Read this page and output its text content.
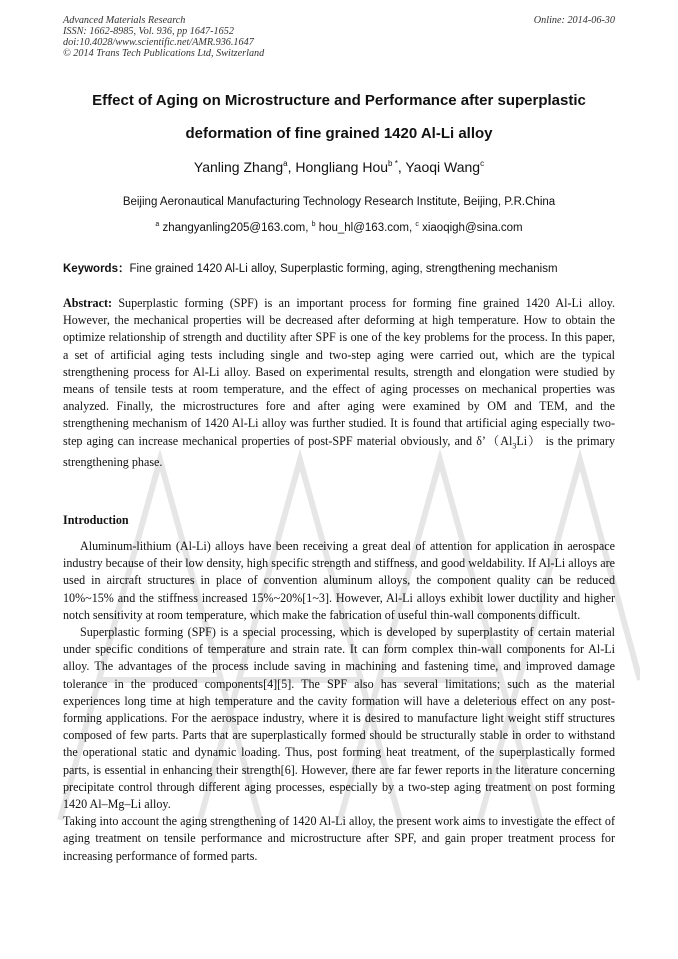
Advanced Materials Research
ISSN: 1662-8985, Vol. 936, pp 1647-1652
doi:10.4028/www.scientific.net/AMR.936.1647
© 2014 Trans Tech Publications Ltd, Switzerland
Online: 2014-06-30
Effect of Aging on Microstructure and Performance after superplastic
deformation of fine grained 1420 Al-Li alloy
Yanling Zhang$^a$, Hongliang Hou$^{b *}$, Yaoqi Wang$^c$
Beijing Aeronautical Manufacturing Technology Research Institute, Beijing, P.R.China
$^a$ zhangyanling205@163.com, $^b$ hou_hl@163.com, $^c$ xiaoqigh@sina.com
Keywords：Fine grained 1420 Al-Li alloy, Superplastic forming, aging, strengthening mechanism
Abstract: Superplastic forming (SPF) is an important process for forming fine grained 1420 Al-Li alloy. However, the mechanical properties will be decreased after deforming at high temperature. How to obtain the optimize relationship of strength and ductility after SPF is one of the key problems for the process. In this paper, a set of artificial aging tests including single and two-step aging were carried out, which are the typical strengthening process for Al-Li alloy. Based on experimental results, strength and elongation were studied by means of tensile tests at room temperature, and the effect of aging processes on mechanical properties was analyzed. Finally, the microstructures fore and after aging were examined by OM and TEM, and the strengthening mechanism of 1420 Al-Li alloy was further studied. It is found that artificial aging especially two-step aging can increase mechanical properties of post-SPF material obviously, and $\delta’(Al_3Li)$ is the primary strengthening phase.
Introduction

Aluminum-lithium (Al-Li) alloys have been receiving a great deal of attention for application in aerospace industry because of their low density, high specific strength and stiffness, and good weldability. If Al-Li alloys are used in aircraft structures in place of convention aluminum alloys, the component quality can be reduced 10%~15% and the stiffness increased 15%~20%[1~3]. However, Al-Li alloys exhibit lower ductility and higher notch sensitivity at room temperature, which make the fabrication of useful thin-wall components difficult.

Superplastic forming (SPF) is a special processing, which is developed by superplastity of certain material under specific conditions of temperature and strain rate. It can form complex thin-wall components for Al-Li alloy. The advantages of the process include saving in machining and fastening time, and improved damage tolerance in the produced components[4][5]. The SPF also has several limitations; such as the material experiences long time at high temperature and the cavity formation will have a deleterious effect on any post-forming applications. For the aerospace industry, where it is desired to manufacture light weight stiff structures composed of few parts. Parts that are superplastically formed should be structurally stable in order to withstand the operational static and dynamic loading. Thus, post forming heat treatment, of the superplastically formed parts, is essential in enhancing their strength[6]. However, there are far fewer reports in the literature concerning precipitate control through different aging processes, especially by a two-step aging treatment on post forming 1420 Al–Mg–Li alloy.

Taking into account the aging strengthening of 1420 Al-Li alloy, the present work aims to investigate the effect of aging treatment on tensile performance and microstructure after SPF, and gain proper treatment process for increasing performance of formed parts.
